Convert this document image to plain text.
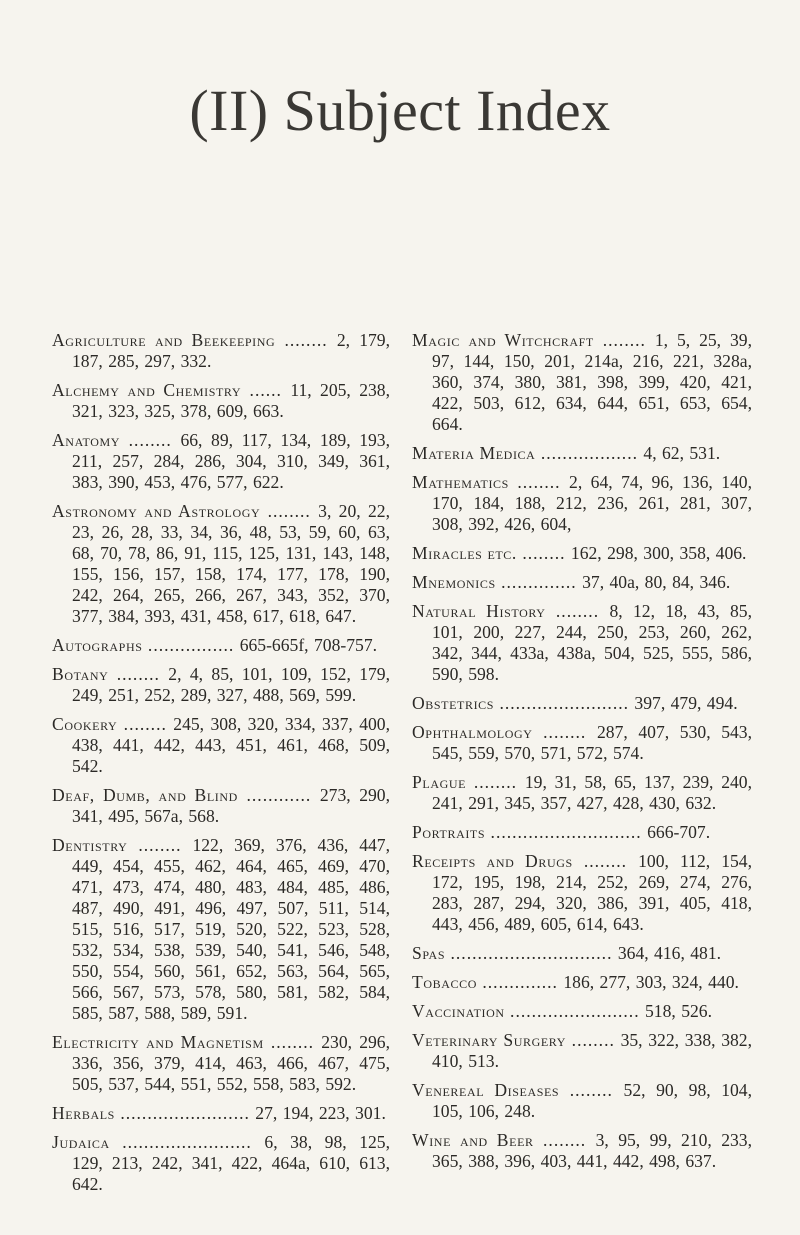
(II) Subject Index
Agriculture and Beekeeping ........ 2, 179, 187, 285, 297, 332.
Alchemy and Chemistry ...... 11, 205, 238, 321, 323, 325, 378, 609, 663.
Anatomy ........ 66, 89, 117, 134, 189, 193, 211, 257, 284, 286, 304, 310, 349, 361, 383, 390, 453, 476, 577, 622.
Astronomy and Astrology ........ 3, 20, 22, 23, 26, 28, 33, 34, 36, 48, 53, 59, 60, 63, 68, 70, 78, 86, 91, 115, 125, 131, 143, 148, 155, 156, 157, 158, 174, 177, 178, 190, 242, 264, 265, 266, 267, 343, 352, 370, 377, 384, 393, 431, 458, 617, 618, 647.
Autographs ................ 665-665f, 708-757.
Botany ........ 2, 4, 85, 101, 109, 152, 179, 249, 251, 252, 289, 327, 488, 569, 599.
Cookery ........ 245, 308, 320, 334, 337, 400, 438, 441, 442, 443, 451, 461, 468, 509, 542.
Deaf, Dumb, and Blind ............ 273, 290, 341, 495, 567a, 568.
Dentistry ........ 122, 369, 376, 436, 447, 449, 454, 455, 462, 464, 465, 469, 470, 471, 473, 474, 480, 483, 484, 485, 486, 487, 490, 491, 496, 497, 507, 511, 514, 515, 516, 517, 519, 520, 522, 523, 528, 532, 534, 538, 539, 540, 541, 546, 548, 550, 554, 560, 561, 652, 563, 564, 565, 566, 567, 573, 578, 580, 581, 582, 584, 585, 587, 588, 589, 591.
Electricity and Magnetism ........ 230, 296, 336, 356, 379, 414, 463, 466, 467, 475, 505, 537, 544, 551, 552, 558, 583, 592.
Herbals ........................ 27, 194, 223, 301.
Judaica ........................ 6, 38, 98, 125, 129, 213, 242, 341, 422, 464a, 610, 613, 642.
Magic and Witchcraft ........ 1, 5, 25, 39, 97, 144, 150, 201, 214a, 216, 221, 328a, 360, 374, 380, 381, 398, 399, 420, 421, 422, 503, 612, 634, 644, 651, 653, 654, 664.
Materia Medica .................. 4, 62, 531.
Mathematics ........ 2, 64, 74, 96, 136, 140, 170, 184, 188, 212, 236, 261, 281, 307, 308, 392, 426, 604,
Miracles etc. ........ 162, 298, 300, 358, 406.
Mnemonics .............. 37, 40a, 80, 84, 346.
Natural History ........ 8, 12, 18, 43, 85, 101, 200, 227, 244, 250, 253, 260, 262, 342, 344, 433a, 438a, 504, 525, 555, 586, 590, 598.
Obstetrics ........................ 397, 479, 494.
Ophthalmology ........ 287, 407, 530, 543, 545, 559, 570, 571, 572, 574.
Plague ........ 19, 31, 58, 65, 137, 239, 240, 241, 291, 345, 357, 427, 428, 430, 632.
Portraits ............................ 666-707.
Receipts and Drugs ........ 100, 112, 154, 172, 195, 198, 214, 252, 269, 274, 276, 283, 287, 294, 320, 386, 391, 405, 418, 443, 456, 489, 605, 614, 643.
Spas .............................. 364, 416, 481.
Tobacco .............. 186, 277, 303, 324, 440.
Vaccination ........................ 518, 526.
Veterinary Surgery ........ 35, 322, 338, 382, 410, 513.
Venereal Diseases ........ 52, 90, 98, 104, 105, 106, 248.
Wine and Beer ........ 3, 95, 99, 210, 233, 365, 388, 396, 403, 441, 442, 498, 637.
